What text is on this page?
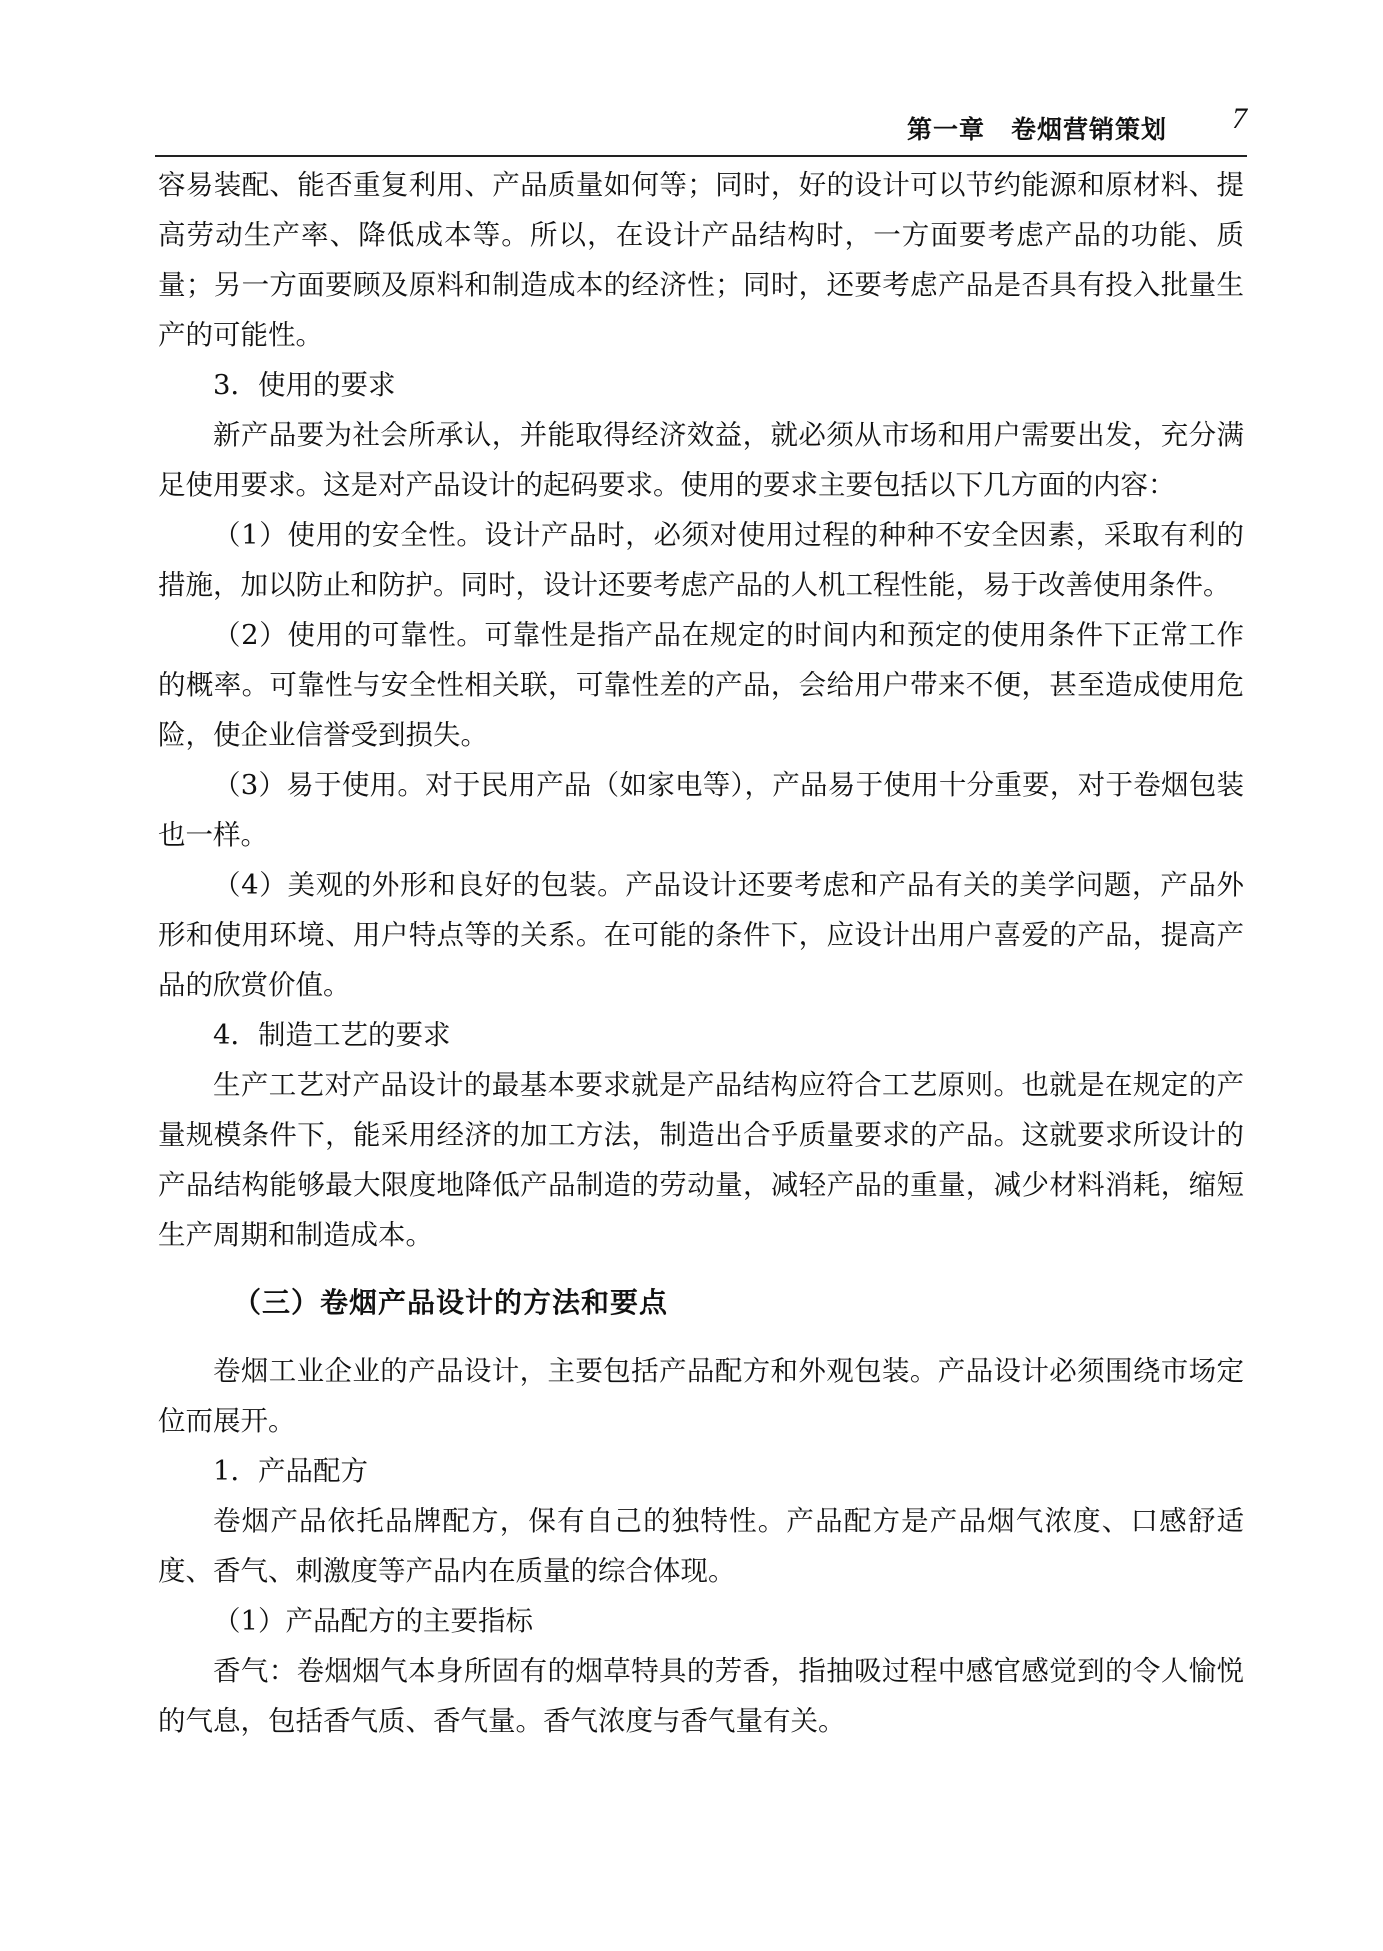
第一章　卷烟营销策划 7

容易装配、能否重复利用、产品质量如何等；同时，好的设计可以节约能源和原材料、提高劳动生产率、降低成本等。所以，在设计产品结构时，一方面要考虑产品的功能、质量；另一方面要顾及原料和制造成本的经济性；同时，还要考虑产品是否具有投入批量生产的可能性。

3．使用的要求

新产品要为社会所承认，并能取得经济效益，就必须从市场和用户需要出发，充分满足使用要求。这是对产品设计的起码要求。使用的要求主要包括以下几方面的内容：

（1）使用的安全性。设计产品时，必须对使用过程的种种不安全因素，采取有利的措施，加以防止和防护。同时，设计还要考虑产品的人机工程性能，易于改善使用条件。

（2）使用的可靠性。可靠性是指产品在规定的时间内和预定的使用条件下正常工作的概率。可靠性与安全性相关联，可靠性差的产品，会给用户带来不便，甚至造成使用危险，使企业信誉受到损失。

（3）易于使用。对于民用产品（如家电等），产品易于使用十分重要，对于卷烟包装也一样。

（4）美观的外形和良好的包装。产品设计还要考虑和产品有关的美学问题，产品外形和使用环境、用户特点等的关系。在可能的条件下，应设计出用户喜爱的产品，提高产品的欣赏价值。

4．制造工艺的要求

生产工艺对产品设计的最基本要求就是产品结构应符合工艺原则。也就是在规定的产量规模条件下，能采用经济的加工方法，制造出合乎质量要求的产品。这就要求所设计的产品结构能够最大限度地降低产品制造的劳动量，减轻产品的重量，减少材料消耗，缩短生产周期和制造成本。

（三）卷烟产品设计的方法和要点

卷烟工业企业的产品设计，主要包括产品配方和外观包装。产品设计必须围绕市场定位而展开。

1．产品配方

卷烟产品依托品牌配方，保有自己的独特性。产品配方是产品烟气浓度、口感舒适度、香气、刺激度等产品内在质量的综合体现。

（1）产品配方的主要指标

香气：卷烟烟气本身所固有的烟草特具的芳香，指抽吸过程中感官感觉到的令人愉悦的气息，包括香气质、香气量。香气浓度与香气量有关。
